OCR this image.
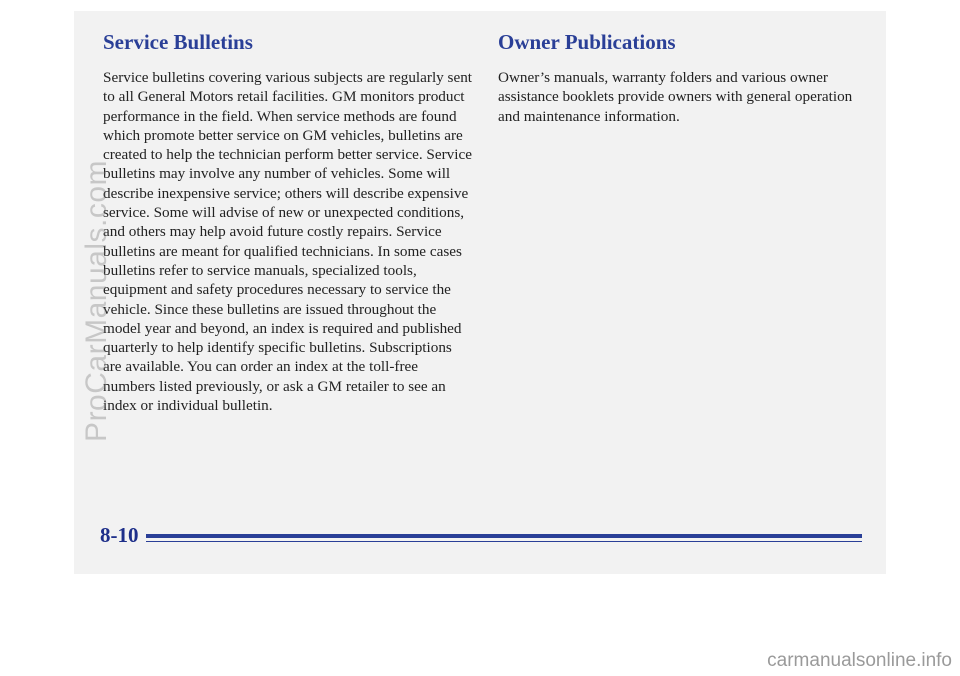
Service Bulletins

Service bulletins covering various subjects are regularly sent to all General Motors retail facilities. GM monitors product performance in the field. When service methods are found which promote better service on GM vehicles, bulletins are created to help the technician perform better service. Service bulletins may involve any number of vehicles. Some will describe inexpensive service; others will describe expensive service. Some will advise of new or unexpected conditions, and others may help avoid future costly repairs. Service bulletins are meant for qualified technicians. In some cases bulletins refer to service manuals, specialized tools, equipment and safety procedures necessary to service the vehicle. Since these bulletins are issued throughout the model year and beyond, an index is required and published quarterly to help identify specific bulletins. Subscriptions are available. You can order an index at the toll-free numbers listed previously, or ask a GM retailer to see an index or individual bulletin.

Owner Publications

Owner’s manuals, warranty folders and various owner assistance booklets provide owners with general operation and maintenance information.

8-10
ProCarManuals.com
carmanualsonline.info
